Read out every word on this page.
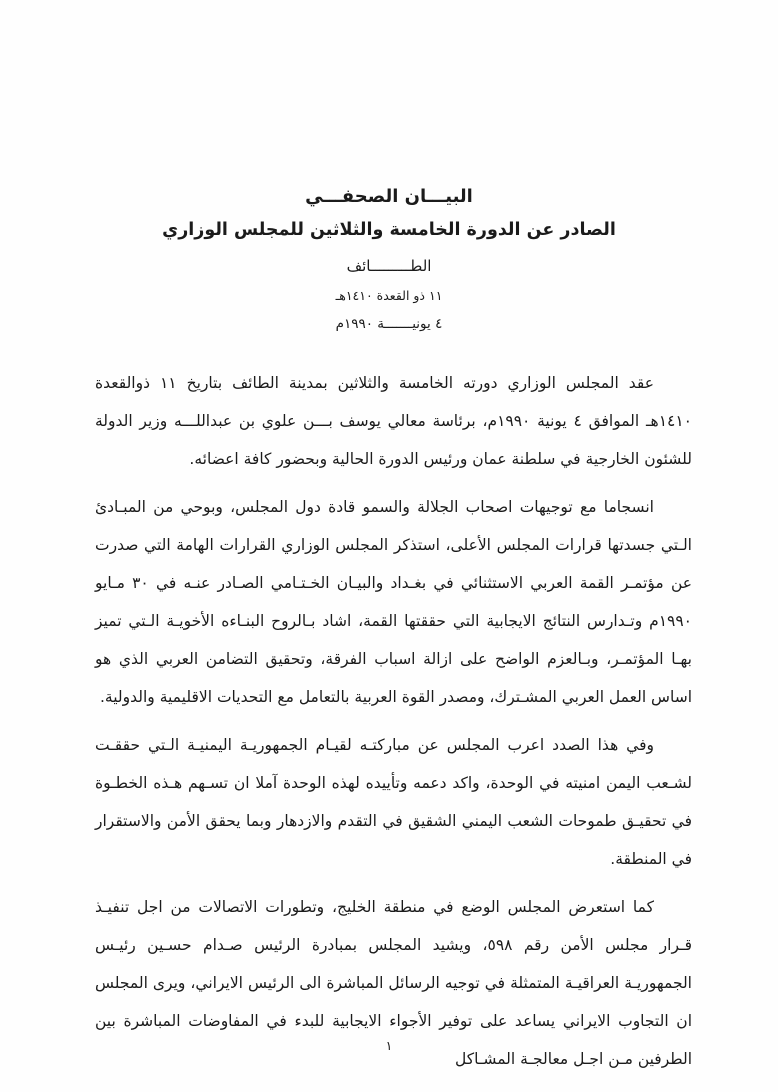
البيـــان الصحفـــي
الصادر عن الدورة الخامسة والثلاثين للمجلس الوزاري
الطـــــــــائف
١١ ذو القعدة ١٤١٠هـ
٤ يونيـــــــة ١٩٩٠م

عقد المجلس الوزاري دورته الخامسة والثلاثين بمدينة الطائف بتاريخ ١١ ذوالقعدة ١٤١٠هـ الموافق ٤ يونية ١٩٩٠م، برئاسة معالي يوسف بـــن علوي بن عبداللـــه وزير الدولة للشئون الخارجية في سلطنة عمان ورئيس الدورة الحالية وبحضور كافة اعضائه.

انسجاما مع توجيهات اصحاب الجلالة والسمو قادة دول المجلس، وبوحي من المبـادئ الـتي جسدتها قرارات المجلس الأعلى، استذكر المجلس الوزاري القرارات الهامة التي صدرت عن مؤتمـر القمة العربي الاستثنائي في بغـداد والبيـان الخـتـامي الصـادر عنـه في ٣٠ مـايو ١٩٩٠م وتـدارس النتائج الايجابية التي حققتها القمة، اشاد بـالروح البنـاءه الأخويـة الـتي تميز بهـا المؤتمـر، وبـالعزم الواضح على ازالة اسباب الفرقة، وتحقيق التضامن العربي الذي هو اساس العمل العربي المشـترك، ومصدر القوة العربية بالتعامل مع التحديات الاقليمية والدولية.

وفي هذا الصدد اعرب المجلس عن مباركتـه لقيـام الجمهوريـة اليمنيـة الـتي حققـت لشـعب اليمن امنيته في الوحدة، واكد دعمه وتأييده لهذه الوحدة آملا ان تسـهم هـذه الخطـوة في تحقيـق طموحات الشعب اليمني الشقيق في التقدم والازدهار وبما يحقق الأمن والاستقرار في المنطقة.

كما استعرض المجلس الوضع في منطقة الخليج، وتطورات الاتصالات من اجل تنفيـذ قـرار مجلس الأمن رقم ٥٩٨، ويشيد المجلس بمبادرة الرئيس صـدام حسـين رئيـس الجمهوريـة العراقيـة المتمثلة في توجيه الرسائل المباشرة الى الرئيس الايراني، ويرى المجلس ان التجاوب الايراني يساعد على توفير الأجواء الايجابية للبدء في المفاوضات المباشرة بين الطرفين مـن اجـل معالجـة المشـاكل

١
